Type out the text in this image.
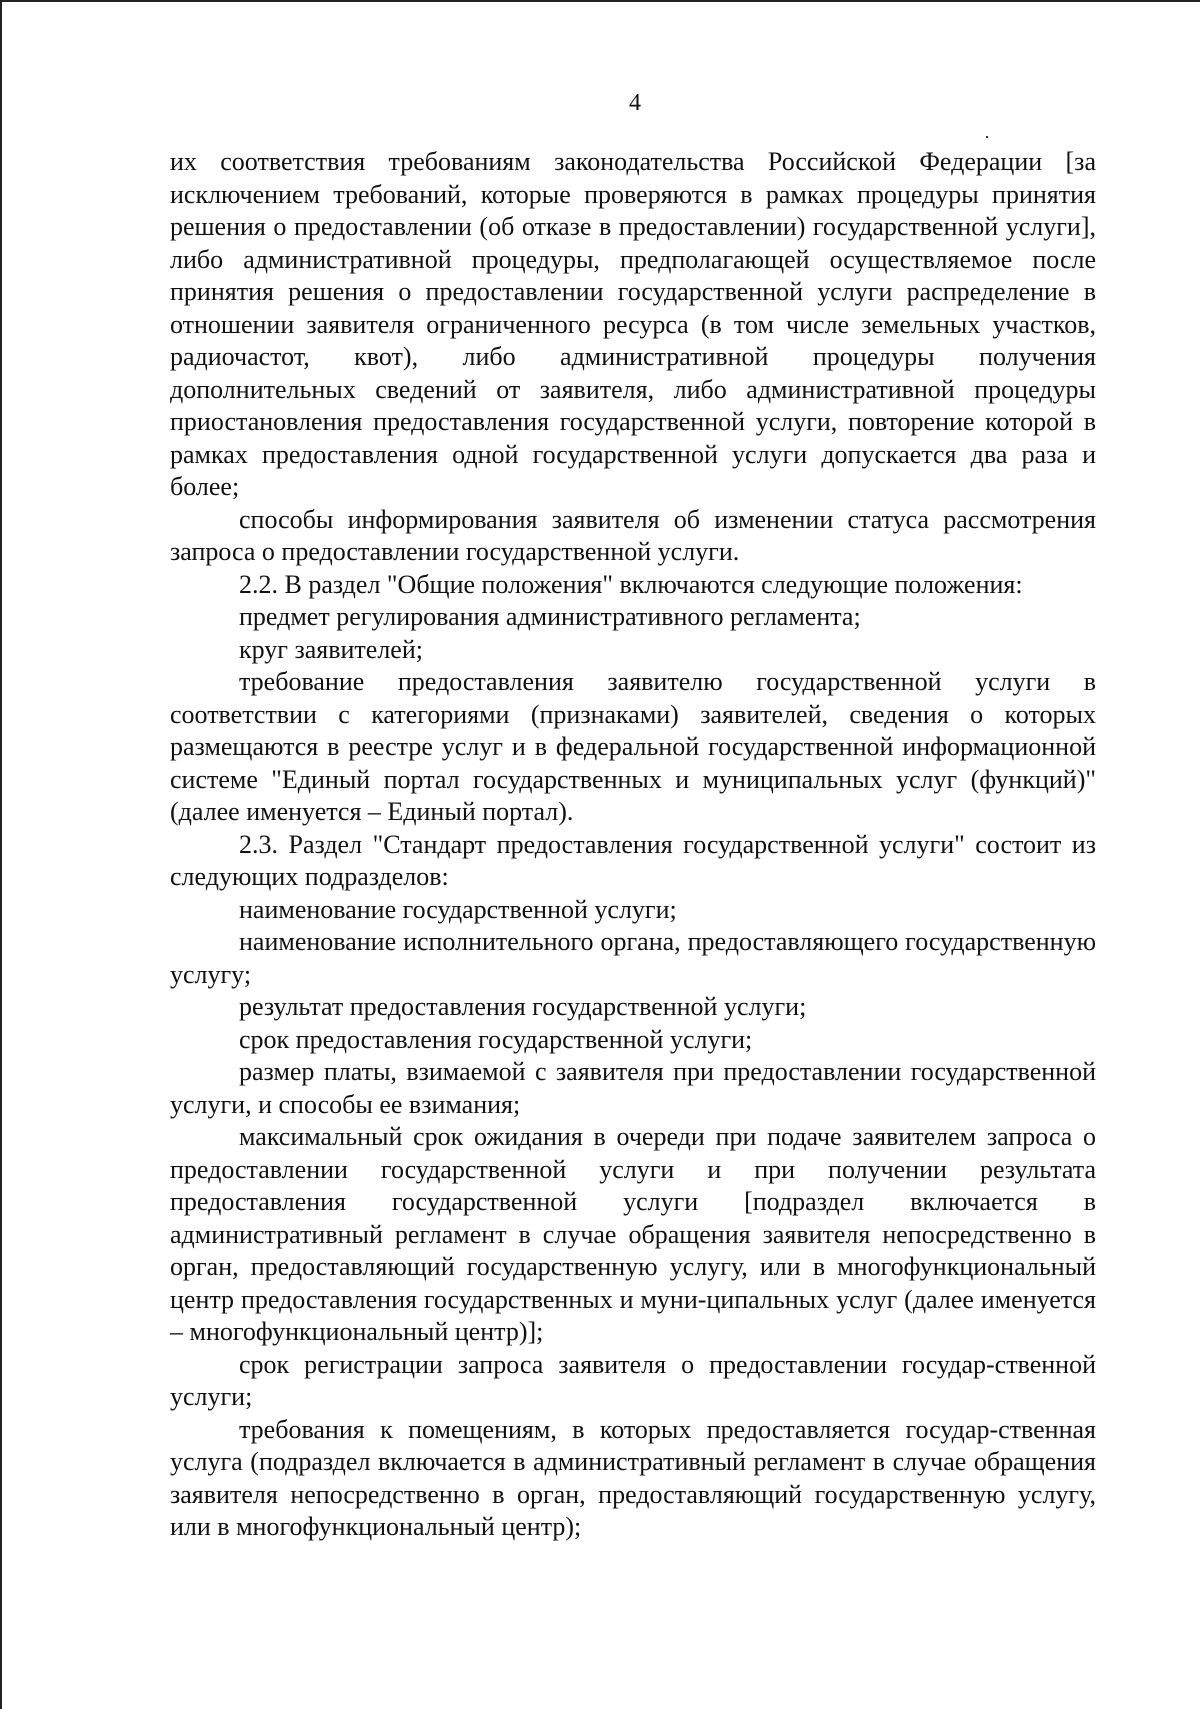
4

их соответствия требованиям законодательства Российской Федерации [за исключением требований, которые проверяются в рамках процедуры принятия решения о предоставлении (об отказе в предоставлении) государственной услуги], либо административной процедуры, предполагающей осуществляемое после принятия решения о предоставлении государственной услуги распределение в отношении заявителя ограниченного ресурса (в том числе земельных участков, радиочастот, квот), либо административной процедуры получения дополнительных сведений от заявителя, либо административной процедуры приостановления предоставления государственной услуги, повторение которой в рамках предоставления одной государственной услуги допускается два раза и более;

способы информирования заявителя об изменении статуса рассмотрения запроса о предоставлении государственной услуги.

2.2. В раздел "Общие положения" включаются следующие положения:

предмет регулирования административного регламента;

круг заявителей;

требование предоставления заявителю государственной услуги в соответствии с категориями (признаками) заявителей, сведения о которых размещаются в реестре услуг и в федеральной государственной информационной системе "Единый портал государственных и муниципальных услуг (функций)" (далее именуется – Единый портал).

2.3. Раздел "Стандарт предоставления государственной услуги" состоит из следующих подразделов:

наименование государственной услуги;

наименование исполнительного органа, предоставляющего государственную услугу;

результат предоставления государственной услуги;

срок предоставления государственной услуги;

размер платы, взимаемой с заявителя при предоставлении государственной услуги, и способы ее взимания;

максимальный срок ожидания в очереди при подаче заявителем запроса о предоставлении государственной услуги и при получении результата предоставления государственной услуги [подраздел включается в административный регламент в случае обращения заявителя непосредственно в орган, предоставляющий государственную услугу, или в многофункциональный центр предоставления государственных и муни-ципальных услуг (далее именуется – многофункциональный центр)];

срок регистрации запроса заявителя о предоставлении государ-ственной услуги;

требования к помещениям, в которых предоставляется государ-ственная услуга (подраздел включается в административный регламент в случае обращения заявителя непосредственно в орган, предоставляющий государственную услугу, или в многофункциональный центр);
